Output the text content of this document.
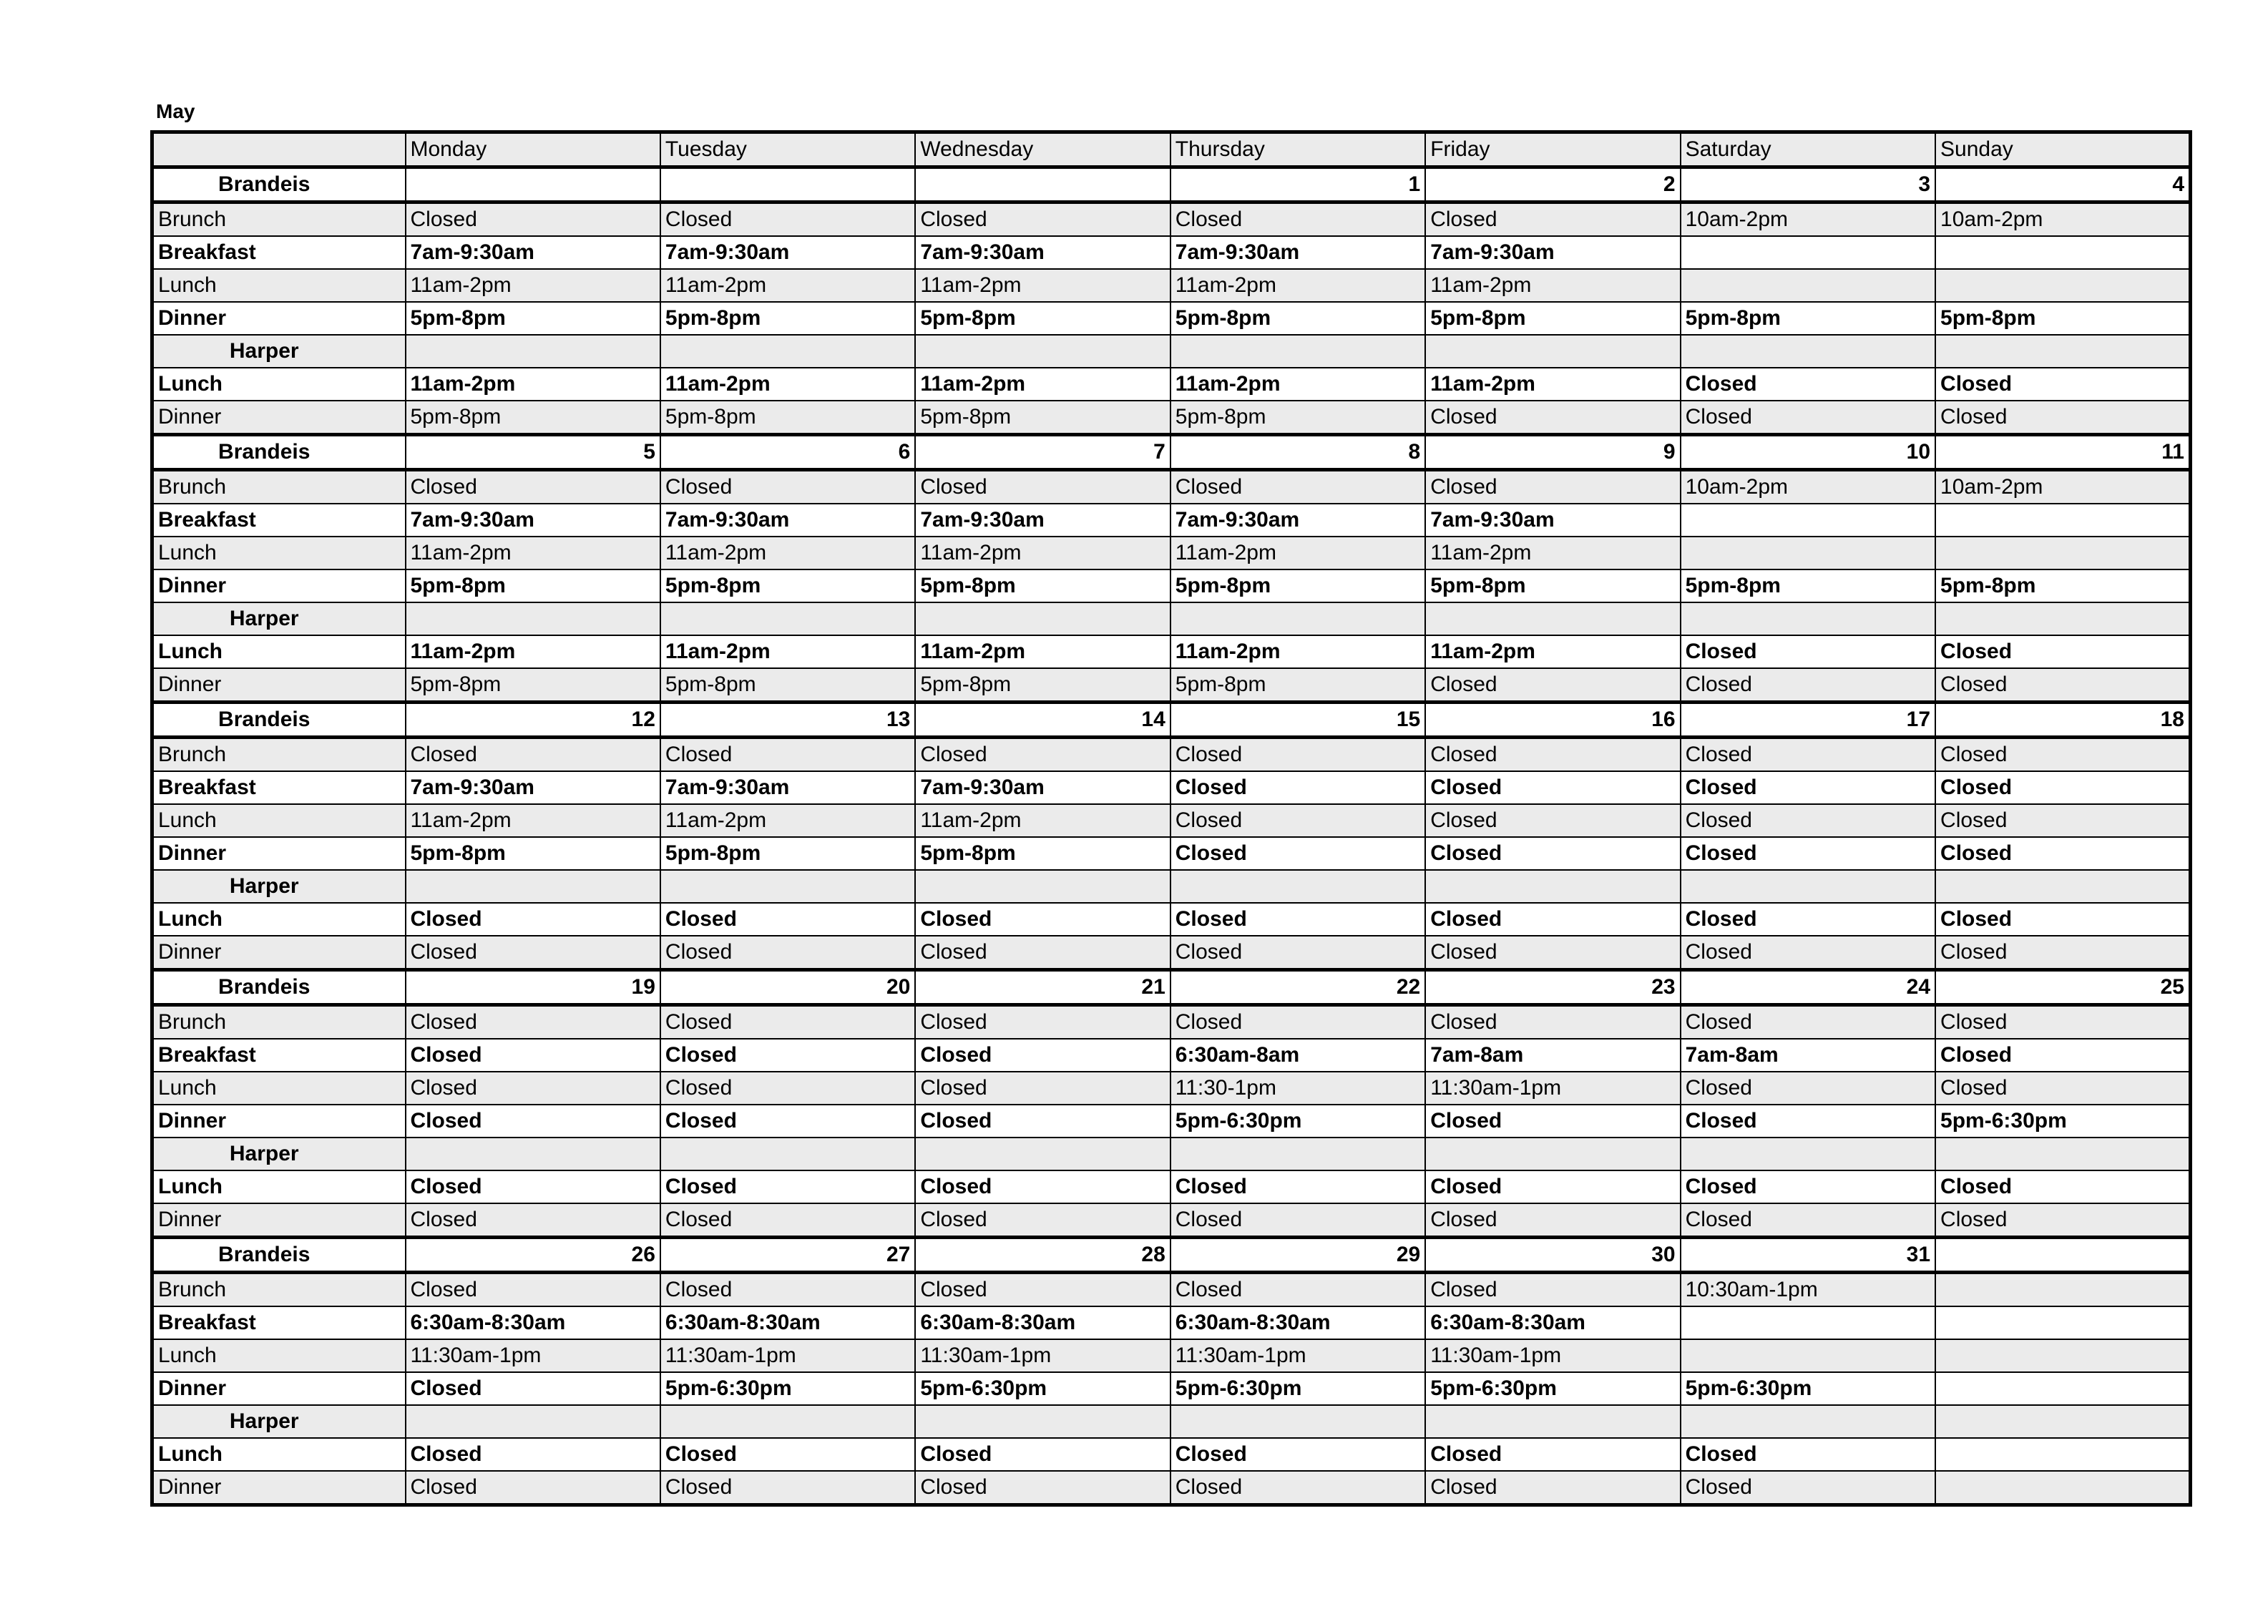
May
	Monday	Tuesday	Wednesday	Thursday	Friday	Saturday	Sunday
Brandeis				1	2	3	4
Brunch	Closed	Closed	Closed	Closed	Closed	10am-2pm	10am-2pm
Breakfast	7am-9:30am	7am-9:30am	7am-9:30am	7am-9:30am	7am-9:30am		
Lunch	11am-2pm	11am-2pm	11am-2pm	11am-2pm	11am-2pm		
Dinner	5pm-8pm	5pm-8pm	5pm-8pm	5pm-8pm	5pm-8pm	5pm-8pm	5pm-8pm
Harper							
Lunch	11am-2pm	11am-2pm	11am-2pm	11am-2pm	11am-2pm	Closed	Closed
Dinner	5pm-8pm	5pm-8pm	5pm-8pm	5pm-8pm	Closed	Closed	Closed
Brandeis	5	6	7	8	9	10	11
Brunch	Closed	Closed	Closed	Closed	Closed	10am-2pm	10am-2pm
Breakfast	7am-9:30am	7am-9:30am	7am-9:30am	7am-9:30am	7am-9:30am		
Lunch	11am-2pm	11am-2pm	11am-2pm	11am-2pm	11am-2pm		
Dinner	5pm-8pm	5pm-8pm	5pm-8pm	5pm-8pm	5pm-8pm	5pm-8pm	5pm-8pm
Harper							
Lunch	11am-2pm	11am-2pm	11am-2pm	11am-2pm	11am-2pm	Closed	Closed
Dinner	5pm-8pm	5pm-8pm	5pm-8pm	5pm-8pm	Closed	Closed	Closed
Brandeis	12	13	14	15	16	17	18
Brunch	Closed	Closed	Closed	Closed	Closed	Closed	Closed
Breakfast	7am-9:30am	7am-9:30am	7am-9:30am	Closed	Closed	Closed	Closed
Lunch	11am-2pm	11am-2pm	11am-2pm	Closed	Closed	Closed	Closed
Dinner	5pm-8pm	5pm-8pm	5pm-8pm	Closed	Closed	Closed	Closed
Harper							
Lunch	Closed	Closed	Closed	Closed	Closed	Closed	Closed
Dinner	Closed	Closed	Closed	Closed	Closed	Closed	Closed
Brandeis	19	20	21	22	23	24	25
Brunch	Closed	Closed	Closed	Closed	Closed	Closed	Closed
Breakfast	Closed	Closed	Closed	6:30am-8am	7am-8am	7am-8am	Closed
Lunch	Closed	Closed	Closed	11:30-1pm	11:30am-1pm	Closed	Closed
Dinner	Closed	Closed	Closed	5pm-6:30pm	Closed	Closed	5pm-6:30pm
Harper							
Lunch	Closed	Closed	Closed	Closed	Closed	Closed	Closed
Dinner	Closed	Closed	Closed	Closed	Closed	Closed	Closed
Brandeis	26	27	28	29	30	31	
Brunch	Closed	Closed	Closed	Closed	Closed	10:30am-1pm	
Breakfast	6:30am-8:30am	6:30am-8:30am	6:30am-8:30am	6:30am-8:30am	6:30am-8:30am		
Lunch	11:30am-1pm	11:30am-1pm	11:30am-1pm	11:30am-1pm	11:30am-1pm		
Dinner	Closed	5pm-6:30pm	5pm-6:30pm	5pm-6:30pm	5pm-6:30pm	5pm-6:30pm	
Harper							
Lunch	Closed	Closed	Closed	Closed	Closed	Closed	
Dinner	Closed	Closed	Closed	Closed	Closed	Closed	
